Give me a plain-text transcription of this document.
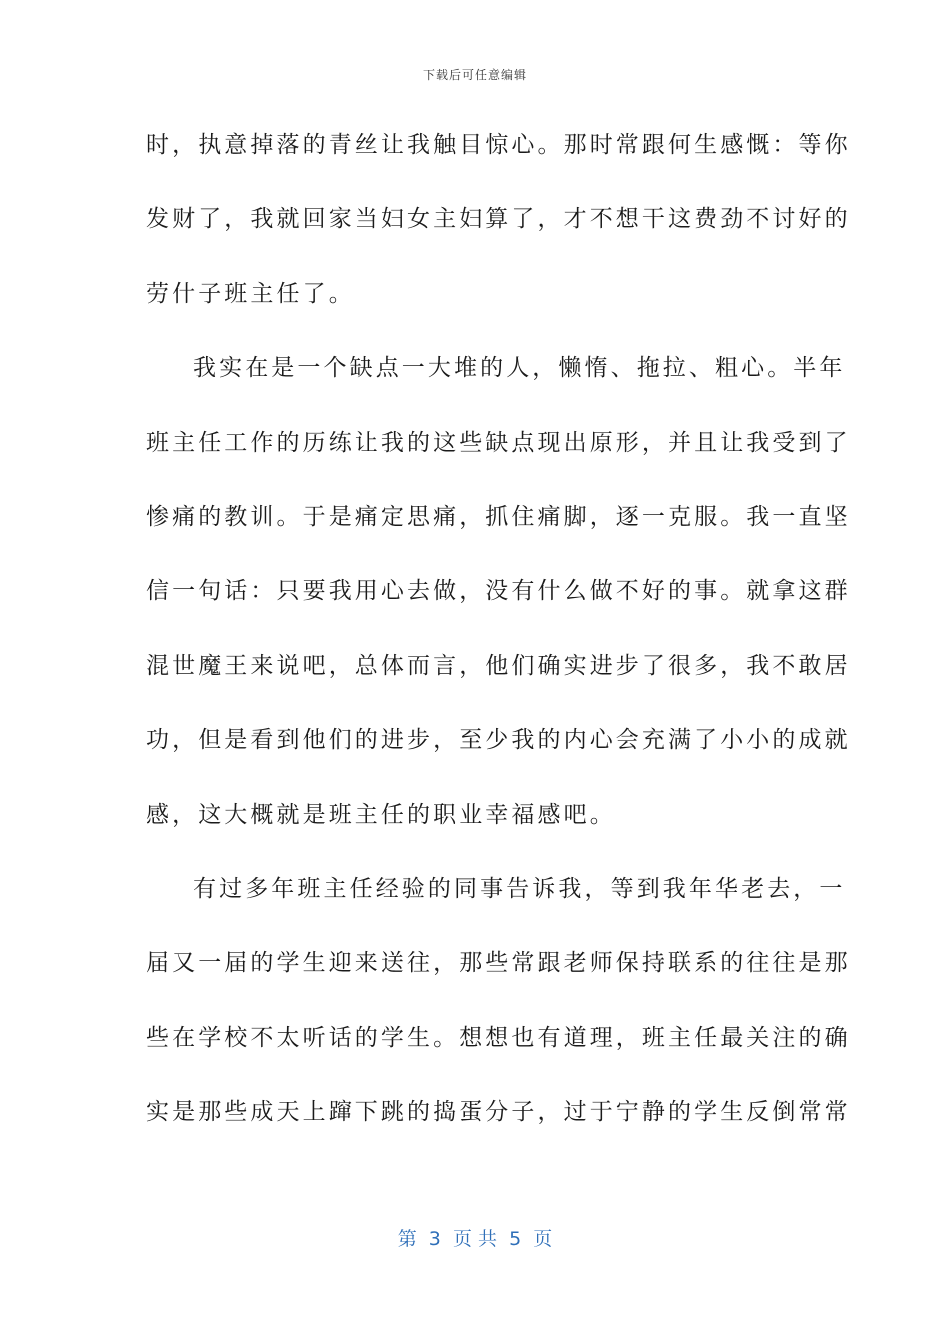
下载后可任意编辑
时，执意掉落的青丝让我触目惊心。那时常跟何生感慨：等你
发财了，我就回家当妇女主妇算了，才不想干这费劲不讨好的
劳什子班主任了。
我实在是一个缺点一大堆的人，懒惰、拖拉、粗心。半年
班主任工作的历练让我的这些缺点现出原形，并且让我受到了
惨痛的教训。于是痛定思痛，抓住痛脚，逐一克服。我一直坚
信一句话：只要我用心去做，没有什么做不好的事。就拿这群
混世魔王来说吧，总体而言，他们确实进步了很多，我不敢居
功，但是看到他们的进步，至少我的内心会充满了小小的成就
感，这大概就是班主任的职业幸福感吧。
有过多年班主任经验的同事告诉我，等到我年华老去，一
届又一届的学生迎来送往，那些常跟老师保持联系的往往是那
些在学校不太听话的学生。想想也有道理，班主任最关注的确
实是那些成天上蹿下跳的捣蛋分子，过于宁静的学生反倒常常
第  3  页 共  5  页
